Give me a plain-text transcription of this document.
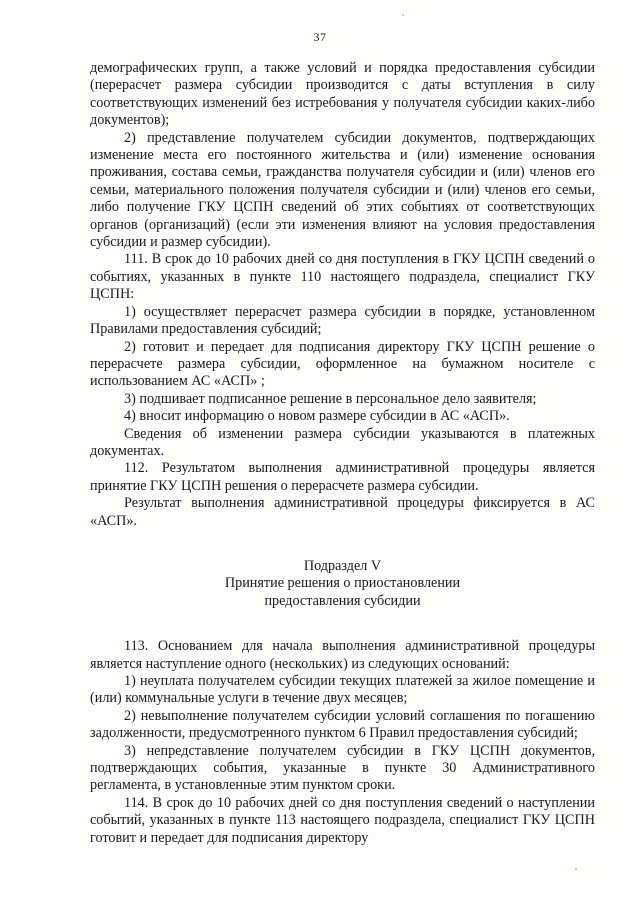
37

демографических групп, а также условий и порядка предоставления субсидии (перерасчет размера субсидии производится с даты вступления в силу соответствующих изменений без истребования у получателя субсидии каких-либо документов);

2) представление получателем субсидии документов, подтверждающих изменение места его постоянного жительства и (или) изменение основания проживания, состава семьи, гражданства получателя субсидии и (или) членов его семьи, материального положения получателя субсидии и (или) членов его семьи, либо получение ГКУ ЦСПН сведений об этих событиях от соответствующих органов (организаций) (если эти изменения влияют на условия предоставления субсидии и размер субсидии).

111. В срок до 10 рабочих дней со дня поступления в ГКУ ЦСПН сведений о событиях, указанных в пункте 110 настоящего подраздела, специалист ГКУ ЦСПН:

1) осуществляет перерасчет размера субсидии в порядке, установленном Правилами предоставления субсидий;

2) готовит и передает для подписания директору ГКУ ЦСПН решение о перерасчете размера субсидии, оформленное на бумажном носителе с использованием АС «АСП» ;

3) подшивает подписанное решение в персональное дело заявителя;

4) вносит информацию о новом размере субсидии в АС «АСП».

Сведения об изменении размера субсидии указываются в платежных документах.

112. Результатом выполнения административной процедуры является принятие ГКУ ЦСПН решения о перерасчете размера субсидии.

Результат выполнения административной процедуры фиксируется в АС «АСП».

Подраздел V

Принятие решения о приостановлении

предоставления субсидии

113. Основанием для начала выполнения административной процедуры является наступление одного (нескольких) из следующих оснований:

1) неуплата получателем субсидии текущих платежей за жилое помещение и (или) коммунальные услуги в течение двух месяцев;

2) невыполнение получателем субсидии условий соглашения по погашению задолженности, предусмотренного пунктом 6 Правил предоставления субсидий;

3) непредставление получателем субсидии в ГКУ ЦСПН документов, подтверждающих события, указанные в пункте 30 Административного регламента, в установленные этим пунктом сроки.

114. В срок до 10 рабочих дней со дня поступления сведений о наступлении событий, указанных в пункте 113 настоящего подраздела, специалист ГКУ ЦСПН готовит и передает для подписания директору
